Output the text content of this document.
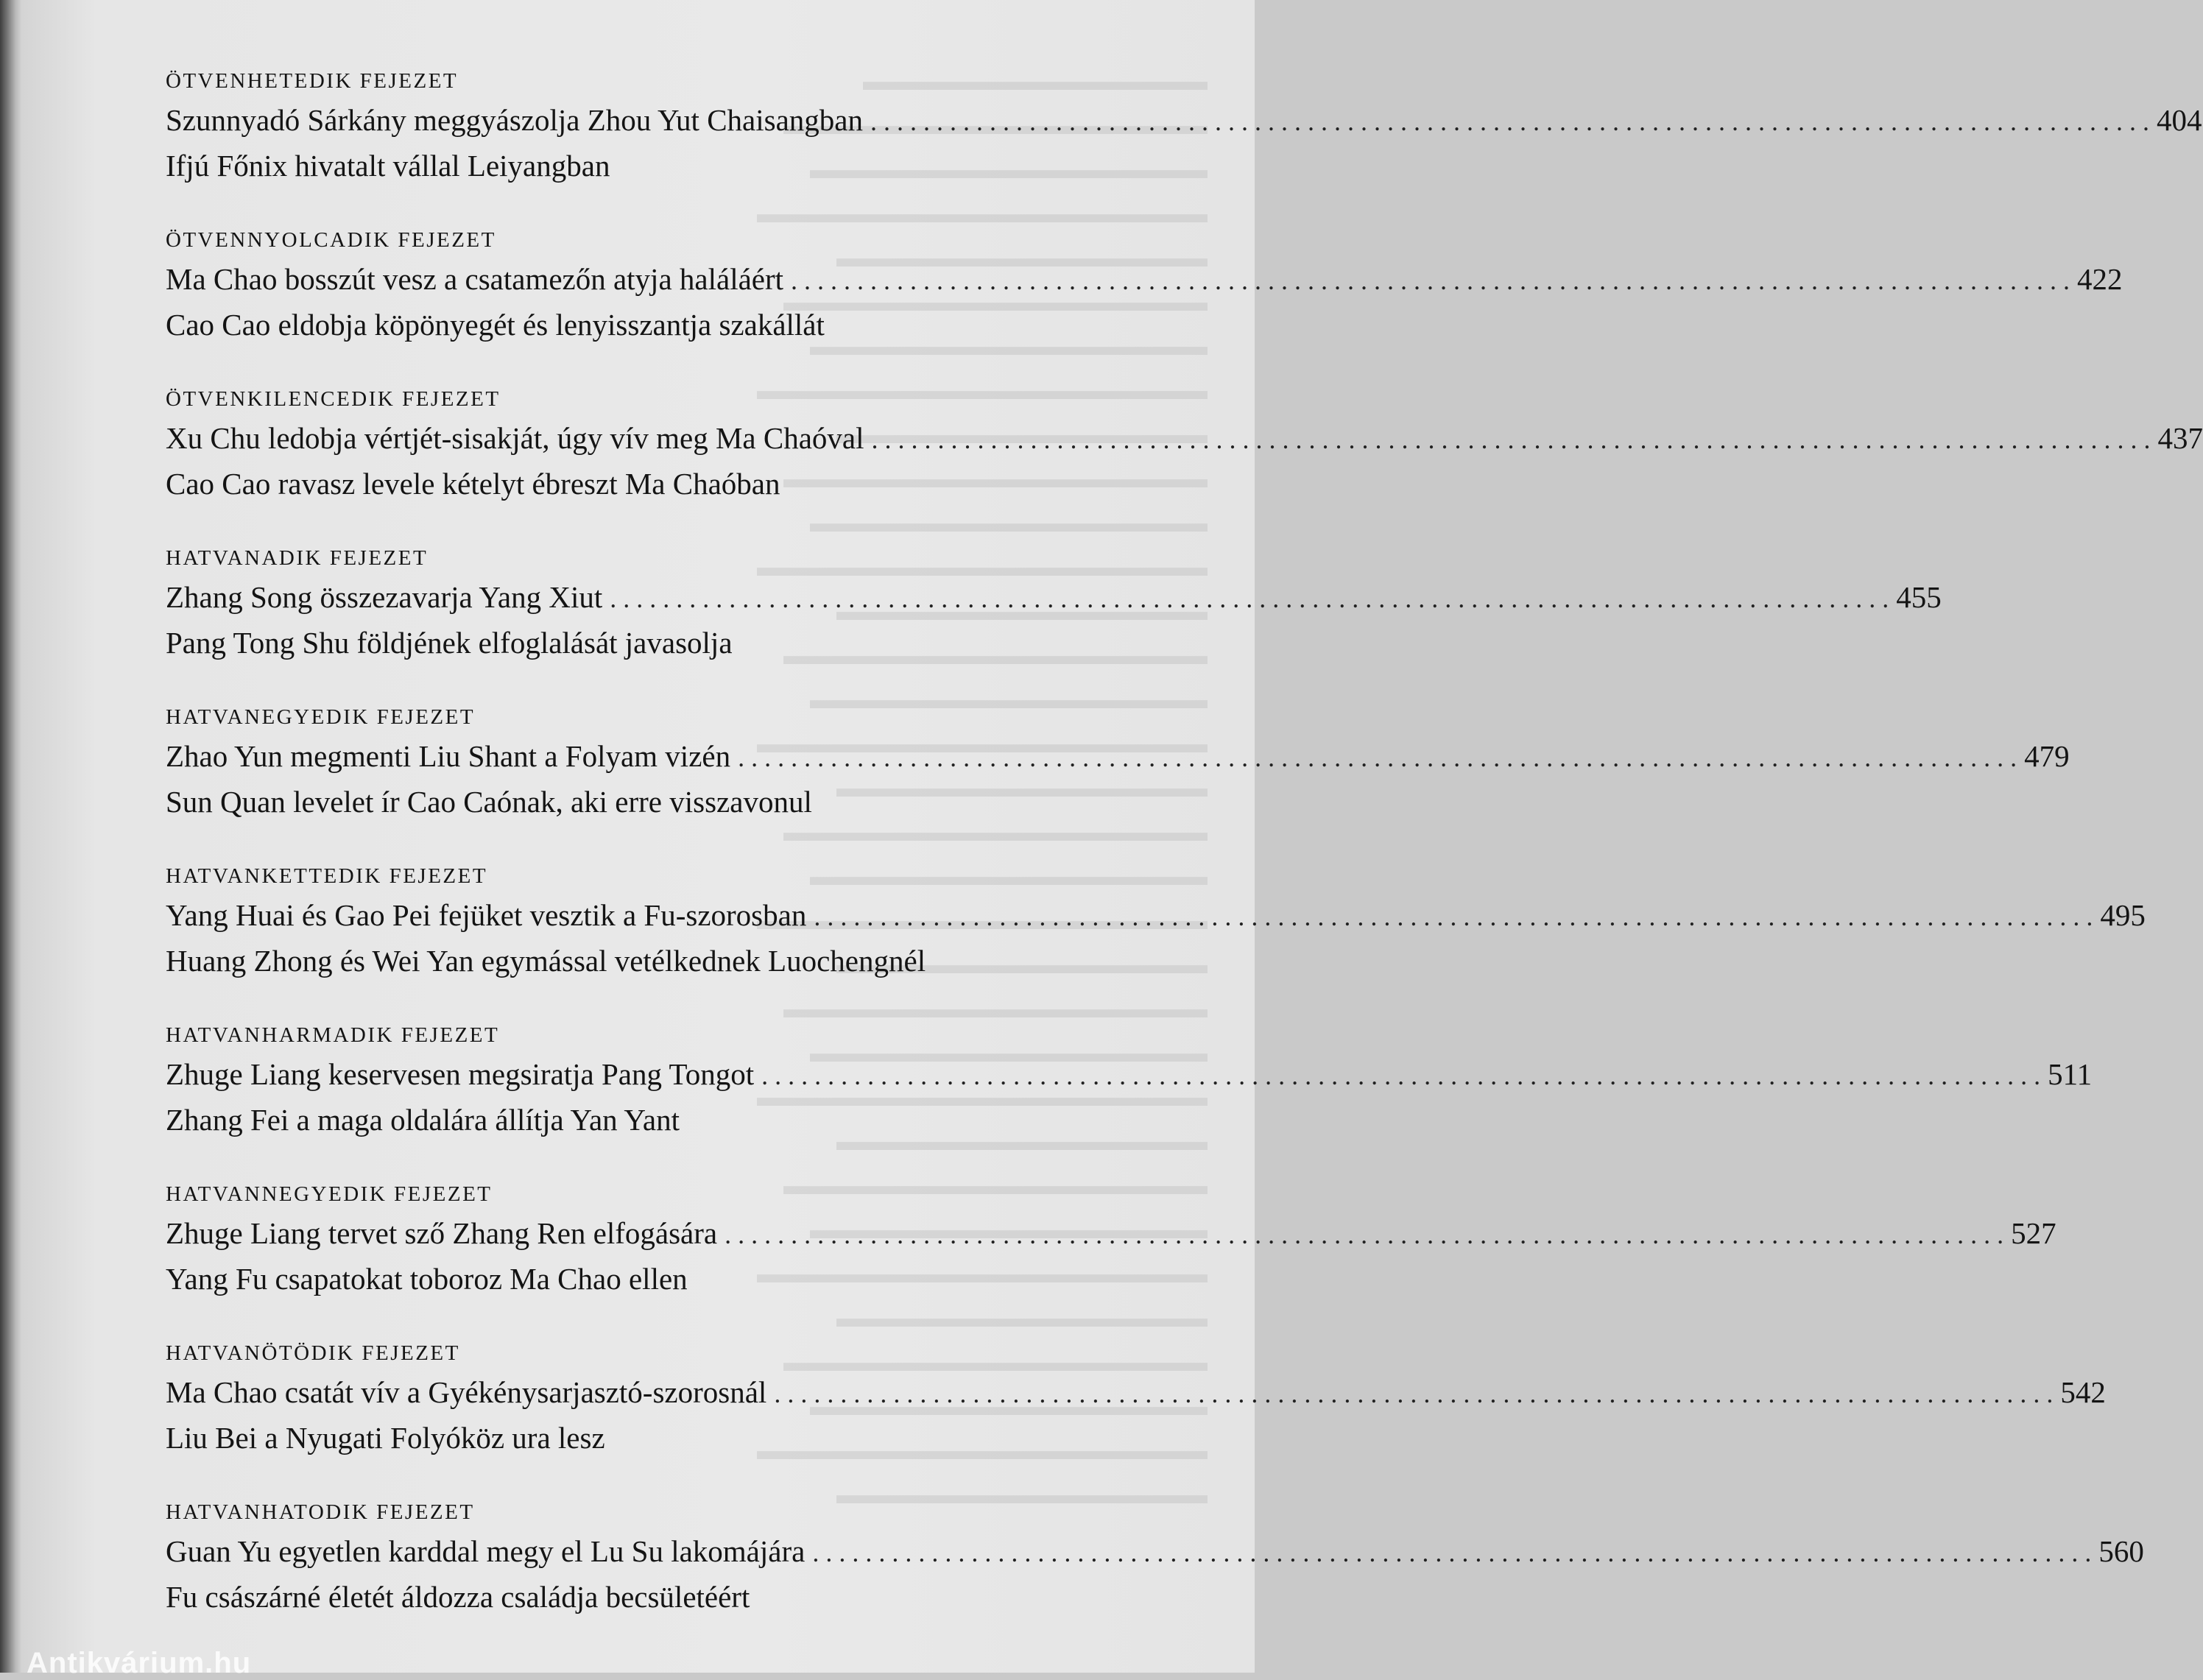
▬▬▬▬▬▬▬▬▬▬▬▬▬
▬▬▬▬▬▬▬▬▬▬▬▬▬▬▬▬
▬▬▬▬▬▬▬▬▬▬▬▬▬▬▬
▬▬▬▬▬▬▬▬▬▬▬▬▬▬▬▬▬
▬▬▬▬▬▬▬▬▬▬▬▬▬▬
▬▬▬▬▬▬▬▬▬▬▬▬▬▬▬▬
▬▬▬▬▬▬▬▬▬▬▬▬▬▬▬
▬▬▬▬▬▬▬▬▬▬▬▬▬▬▬▬▬
▬▬▬▬▬▬▬▬▬▬▬▬▬▬
▬▬▬▬▬▬▬▬▬▬▬▬▬▬▬▬
▬▬▬▬▬▬▬▬▬▬▬▬▬▬▬
▬▬▬▬▬▬▬▬▬▬▬▬▬▬▬▬▬
▬▬▬▬▬▬▬▬▬▬▬▬▬▬
▬▬▬▬▬▬▬▬▬▬▬▬▬▬▬▬
▬▬▬▬▬▬▬▬▬▬▬▬▬▬▬
▬▬▬▬▬▬▬▬▬▬▬▬▬▬▬▬▬
▬▬▬▬▬▬▬▬▬▬▬▬▬▬
▬▬▬▬▬▬▬▬▬▬▬▬▬▬▬▬
▬▬▬▬▬▬▬▬▬▬▬▬▬▬▬
▬▬▬▬▬▬▬▬▬▬▬▬▬▬▬▬▬
▬▬▬▬▬▬▬▬▬▬▬▬▬▬
▬▬▬▬▬▬▬▬▬▬▬▬▬▬▬▬
▬▬▬▬▬▬▬▬▬▬▬▬▬▬▬
▬▬▬▬▬▬▬▬▬▬▬▬▬▬▬▬▬
▬▬▬▬▬▬▬▬▬▬▬▬▬▬
▬▬▬▬▬▬▬▬▬▬▬▬▬▬▬▬
▬▬▬▬▬▬▬▬▬▬▬▬▬▬▬
▬▬▬▬▬▬▬▬▬▬▬▬▬▬▬▬▬
▬▬▬▬▬▬▬▬▬▬▬▬▬▬
▬▬▬▬▬▬▬▬▬▬▬▬▬▬▬▬
▬▬▬▬▬▬▬▬▬▬▬▬▬▬▬
▬▬▬▬▬▬▬▬▬▬▬▬▬▬▬▬▬
▬▬▬▬▬▬▬▬▬▬▬▬▬▬
ÖTVENHETEDIK FEJEZET
Szunnyadó Sárkány meggyászolja Zhou Yut Chaisangban . . .	404
Ifjú Főnix hivatalt vállal Leiyangban
ÖTVENNYOLCADIK FEJEZET
Ma Chao bosszút vesz a csatamezőn atyja haláláért . . .	422
Cao Cao eldobja köpönyegét és lenyisszantja szakállát
ÖTVENKILENCEDIK FEJEZET
Xu Chu ledobja vértjét-sisakját, úgy vív meg Ma Chaóval . . .	437
Cao Cao ravasz levele kételyt ébreszt Ma Chaóban
HATVANADIK FEJEZET
Zhang Song összezavarja Yang Xiut . . .	455
Pang Tong Shu földjének elfoglalását javasolja
HATVANEGYEDIK FEJEZET
Zhao Yun megmenti Liu Shant a Folyam vizén . . .	479
Sun Quan levelet ír Cao Caónak, aki erre visszavonul
HATVANKETTEDIK FEJEZET
Yang Huai és Gao Pei fejüket vesztik a Fu-szorosban . . .	495
Huang Zhong és Wei Yan egymással vetélkednek Luochengnél
HATVANHARMADIK FEJEZET
Zhuge Liang keservesen megsiratja Pang Tongot . . .	511
Zhang Fei a maga oldalára állítja Yan Yant
HATVANNEGYEDIK FEJEZET
Zhuge Liang tervet sző Zhang Ren elfogására . . .	527
Yang Fu csapatokat toboroz Ma Chao ellen
HATVANÖTÖDIK FEJEZET
Ma Chao csatát vív a Gyékénysarjasztó-szorosnál . . .	542
Liu Bei a Nyugati Folyóköz ura lesz
HATVANHATODIK FEJEZET
Guan Yu egyetlen karddal megy el Lu Su lakomájára . . .	560
Fu császárné életét áldozza családja becsületéért
Antikvárium.hu
